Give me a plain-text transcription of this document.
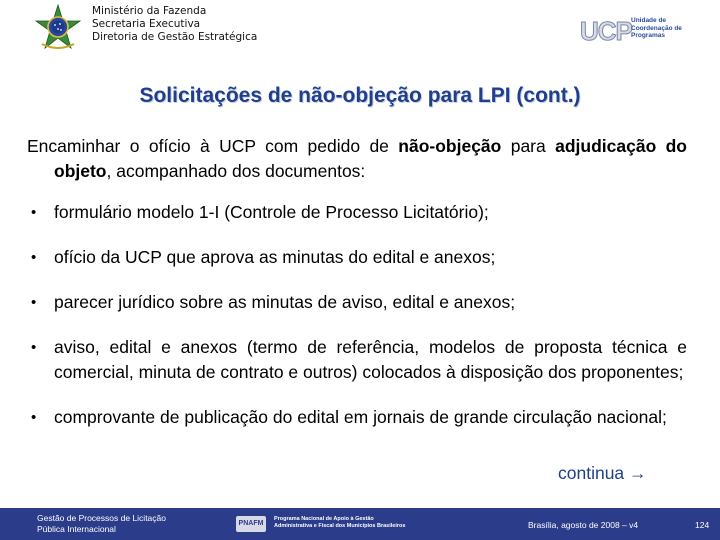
Ministério da Fazenda
Secretaria Executiva
Diretoria de Gestão Estratégica	UCP Unidade de
Coordenação de
Programas
Solicitações de não-objeção para LPI (cont.)
Encaminhar o ofício à UCP com pedido de não-objeção para adjudicação do objeto, acompanhado dos documentos:
• formulário modelo 1-I (Controle de Processo Licitatório);
• ofício da UCP que aprova as minutas do edital e anexos;
• parecer jurídico sobre as minutas de aviso, edital e anexos;
• aviso, edital e anexos (termo de referência, modelos de proposta técnica e comercial, minuta de contrato e outros) colocados à disposição dos proponentes;
• comprovante de publicação do edital em jornais de grande circulação nacional;
continua →
Gestão de Processos de Licitação
Pública Internacional
PNAFM
Programa Nacional de Apoio à Gestão
Administrativa e Fiscal dos Municípios Brasileiros	Brasília, agosto de 2008 – v4	124
